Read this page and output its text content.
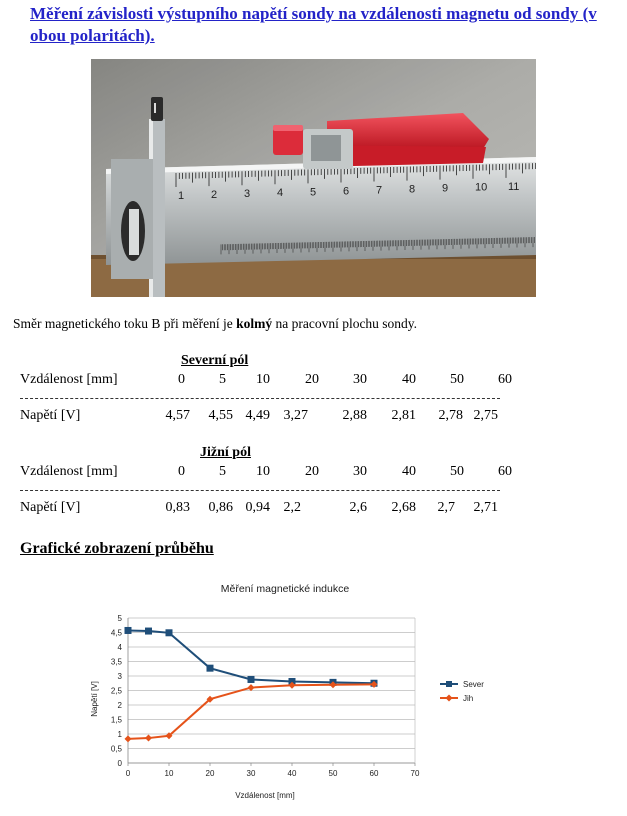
Měření závislosti výstupního napětí sondy na vzdálenosti magnetu od sondy (v obou polaritách).
1 2 3 4 5 6 7 8 9 10 11
Směr magnetického toku B při měření je kolmý na pracovní plochu sondy.
Severní pól
Vzdálenost [mm]	0	5	10	20	30	40	50	60
Napětí [V]	4,57	4,55 4,49 3,27	2,88	2,81	2,78 2,75
Jižní pól
Vzdálenost [mm]	0	5	10	20	30	40	50	60
Napětí [V]	0,83	0,86 0,94 2,2	2,6	2,68	2,7	2,71
Grafické zobrazení průběhu
Měření magnetické indukce
0
0,5
1
1,5
2
2,5
3
3,5
4
4,5
5
0	10	20	30	40	50	60	70
Vzdálenost [mm]
Napětí [V]	Sever
Jih
